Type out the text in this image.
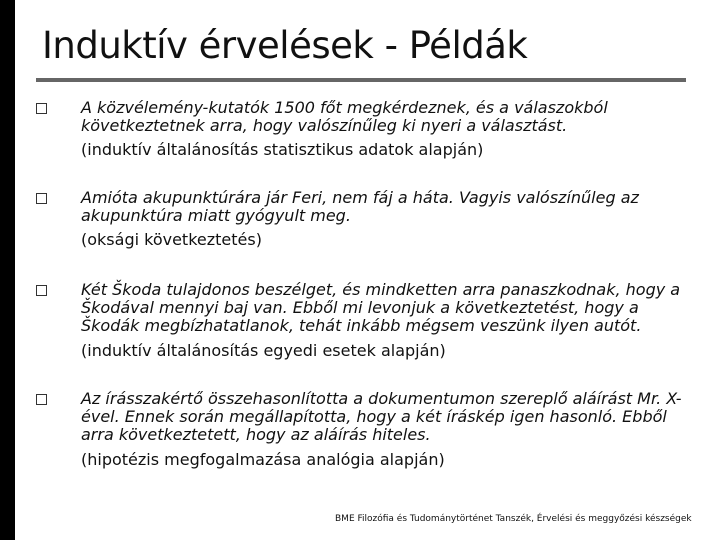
Induktív érvelések - Példák
A közvélemény-kutatók 1500 főt megkérdeznek, és a válaszokból következtetnek arra, hogy valószínűleg ki nyeri a választást.
(induktív általánosítás statisztikus adatok alapján)
Amióta akupunktúrára jár Feri, nem fáj a háta. Vagyis valószínűleg az akupunktúra miatt gyógyult meg.
(oksági következtetés)
Két Škoda tulajdonos beszélget, és mindketten arra panaszkodnak, hogy a Škodával mennyi baj van. Ebből mi levonjuk a következtetést, hogy a Škodák megbízhatatlanok, tehát inkább mégsem veszünk ilyen autót.
(induktív általánosítás egyedi esetek alapján)
Az írásszakértő összehasonlította a dokumentumon szereplő aláírást Mr. X-ével. Ennek során megállapította, hogy a két íráskép igen hasonló. Ebből arra következtetett, hogy az aláírás hiteles.
(hipotézis megfogalmazása analógia alapján)
BME Filozófia és Tudománytörténet Tanszék, Érvelési és meggyőzési készségek
